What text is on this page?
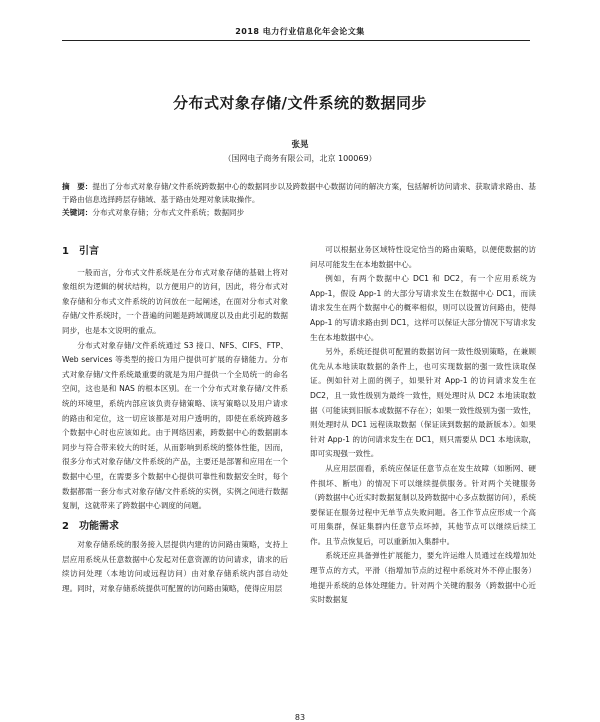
2018 电力行业信息化年会论文集
分布式对象存储/文件系统的数据同步
张晃
（国网电子商务有限公司，北京 100069）

摘　要：提出了分布式对象存储/文件系统跨数据中心的数据同步以及跨数据中心数据访问的解决方案，包括解析访问请求、获取请求路由、基于路由信息选择跨层存储域、基于路由处理对象读取操作。

关键词：分布式对象存储；分布式文件系统；数据同步

1　引言

一般而言，分布式文件系统是在分布式对象存储的基础上将对象组织为逻辑的树状结构，以方便用户的访问，因此，将分布式对象存储和分布式文件系统的访问放在一起阐述，在面对分布式对象存储/文件系统时，一个普遍的问题是跨域调度以及由此引起的数据同步，也是本文说明的重点。

分布式对象存储/文件系统通过 S3 接口、NFS、CIFS、FTP、Web services 等类型的接口为用户提供可扩展的存储能力。分布式对象存储/文件系统最重要的就是为用户提供一个全局统一的命名空间，这也是和 NAS 的根本区别。在一个分布式对象存储/文件系统的环境里，系统内部应该负责存储策略、读写策略以及用户请求的路由和定位，这一切应该都是对用户透明的，即使在系统跨越多个数据中心时也应该如此。由于网络因素，跨数据中心的数据副本同步与符合带来较大的时延，从而影响到系统的整体性能，因而，很多分布式对象存储/文件系统的产品，主要还是部署和应用在一个数据中心里，在需要多个数据中心提供可靠性和数据安全时，每个数据都需一套分布式对象存储/文件系统的实例，实例之间进行数据复制，这就带来了跨数据中心调度的问题。

2　功能需求

对象存储系统的服务接入层提供内建的访问路由策略，支持上层应用系统从任意数据中心发起对任意资源的访问请求，请求的后续访问处理（本地访问或远程访问）由对象存储系统内部自动处理。同时，对象存储系统提供可配置的访问路由策略，使得应用层

可以根据业务区域特性设定恰当的路由策略，以便使数据的访问尽可能发生在本地数据中心。

例如，有两个数据中心 DC1 和 DC2，有一个应用系统为 App-1，假设 App-1 的大部分写请求发生在数据中心 DC1，而读请求发生在两个数据中心的概率相似，则可以设置访问路由，使得 App-1 的写请求路由到 DC1，这样可以保证大部分情况下写请求发生在本地数据中心。

另外，系统还提供可配置的数据访问一致性级别策略，在兼顾优先从本地读取数据的条件上，也可实现数据的强一致性读取保证。例如针对上面的例子，如果针对 App-1 的访问请求发生在 DC2，且一致性级别为最终一致性，则处理时从 DC2 本地读取数据（可能读到旧版本或数据不存在）；如果一致性级别为强一致性，则处理时从 DC1 远程读取数据（保证读到数据的最新版本）。如果针对 App-1 的访问请求发生在 DC1，则只需要从 DC1 本地读取，即可实现强一致性。

从应用层面看，系统应保证任意节点在发生故障（如断网、硬件损坏、断电）的情况下可以继续提供服务。针对两个关键服务（跨数据中心近实时数据复制以及跨数据中心多点数据访问），系统要保证在服务过程中无单节点失败问题。各工作节点应形成一个高可用集群，保证集群内任意节点坏掉，其他节点可以继续后续工作。且节点恢复后，可以重新加入集群中。

系统还应具备弹性扩展能力，要允许运维人员通过在线增加处理节点的方式，平滑（指增加节点的过程中系统对外不停止服务）地提升系统的总体处理能力。针对两个关键的服务（跨数据中心近实时数据复

83
